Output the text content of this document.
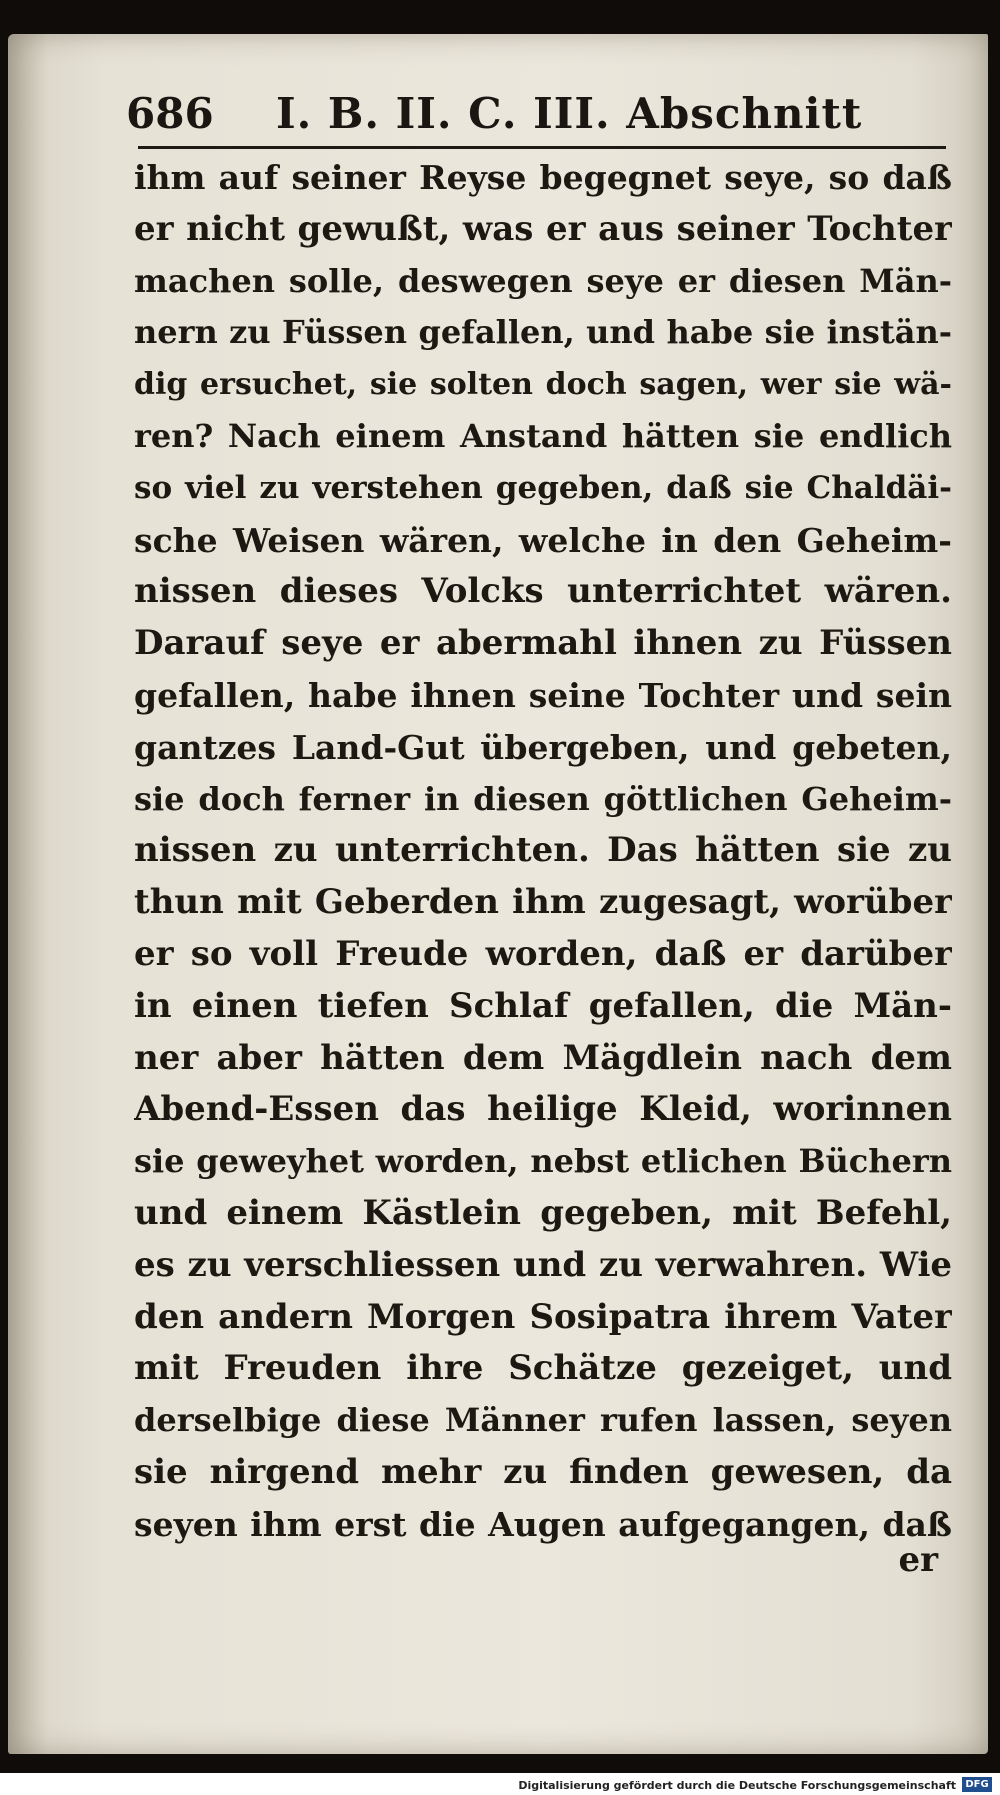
686 I. B. II. C. III. Abschnitt
ihm auf seiner Reyse begegnet seye, so daß
er nicht gewußt, was er aus seiner Tochter
machen solle, deswegen seye er diesen Män-
nern zu Füssen gefallen, und habe sie instän-
dig ersuchet, sie solten doch sagen, wer sie wä-
ren? Nach einem Anstand hätten sie endlich
so viel zu verstehen gegeben, daß sie Chaldäi-
sche Weisen wären, welche in den Geheim-
nissen dieses Volcks unterrichtet wären.
Darauf seye er abermahl ihnen zu Füssen
gefallen, habe ihnen seine Tochter und sein
gantzes Land-Gut übergeben, und gebeten,
sie doch ferner in diesen göttlichen Geheim-
nissen zu unterrichten. Das hätten sie zu
thun mit Geberden ihm zugesagt, worüber
er so voll Freude worden, daß er darüber
in einen tiefen Schlaf gefallen, die Män-
ner aber hätten dem Mägdlein nach dem
Abend-Essen das heilige Kleid, worinnen
sie geweyhet worden, nebst etlichen Büchern
und einem Kästlein gegeben, mit Befehl,
es zu verschliessen und zu verwahren. Wie
den andern Morgen Sosipatra ihrem Vater
mit Freuden ihre Schätze gezeiget, und
derselbige diese Männer rufen lassen, seyen
sie nirgend mehr zu finden gewesen, da
seyen ihm erst die Augen aufgegangen, daß
er
Digitalisierung gefördert durch die Deutsche Forschungsgemeinschaft DFG
